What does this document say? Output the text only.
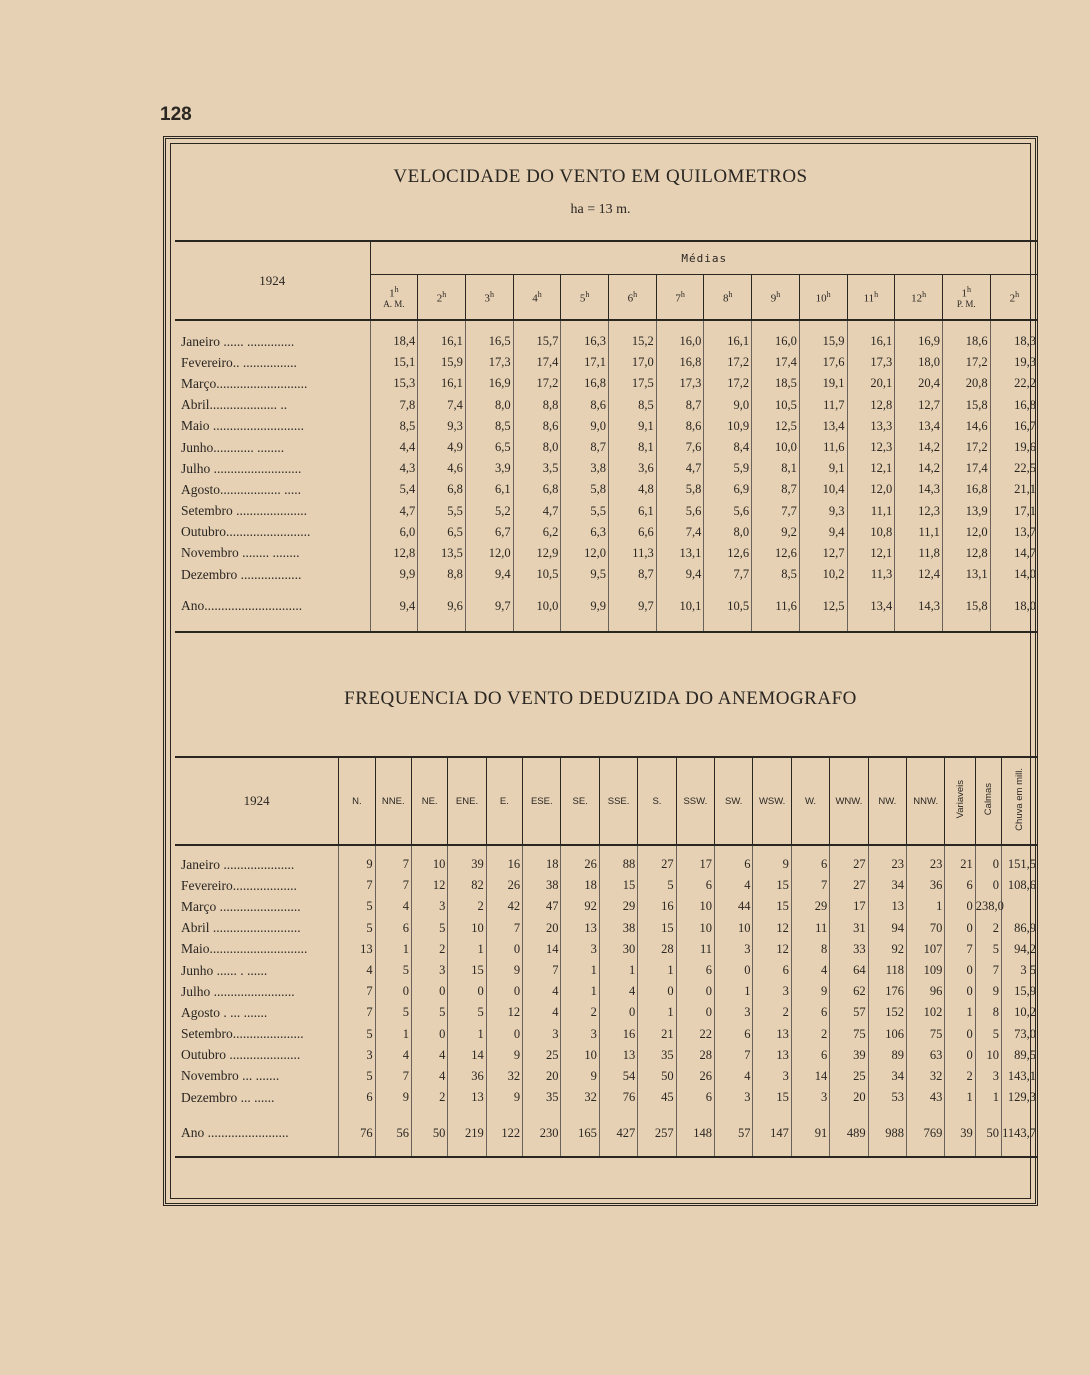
128
VELOCIDADE DO VENTO EM QUILOMETROS
ha = 13 m.
1924	Médias													
	1$^h$
A. M.	2$^h$	3$^h$	4$^h$	5$^h$	6$^h$	7$^h$	8$^h$	9$^h$	10$^h$	11$^h$	12$^h$	1$^h$
P. M.	2$^h$
Janeiro ...... ..............	18,4	16,1	16,5	15,7	16,3	15,2	16,0	16,1	16,0	15,9	16,1	16,9	18,6	18,3
Fevereiro.. ................	15,1	15,9	17,3	17,4	17,1	17,0	16,8	17,2	17,4	17,6	17,3	18,0	17,2	19,3
Março...........................	15,3	16,1	16,9	17,2	16,8	17,5	17,3	17,2	18,5	19,1	20,1	20,4	20,8	22,2
Abril.................... ..	7,8	7,4	8,0	8,8	8,6	8,5	8,7	9,0	10,5	11,7	12,8	12,7	15,8	16,8
Maio ...........................	8,5	9,3	8,5	8,6	9,0	9,1	8,6	10,9	12,5	13,4	13,3	13,4	14,6	16,7
Junho............ ........	4,4	4,9	6,5	8,0	8,7	8,1	7,6	8,4	10,0	11,6	12,3	14,2	17,2	19,6
Julho ..........................	4,3	4,6	3,9	3,5	3,8	3,6	4,7	5,9	8,1	9,1	12,1	14,2	17,4	22,5
Agosto.................. .....	5,4	6,8	6,1	6,8	5,8	4,8	5,8	6,9	8,7	10,4	12,0	14,3	16,8	21,1
Setembro .....................	4,7	5,5	5,2	4,7	5,5	6,1	5,6	5,6	7,7	9,3	11,1	12,3	13,9	17,1
Outubro.........................	6,0	6,5	6,7	6,2	6,3	6,6	7,4	8,0	9,2	9,4	10,8	11,1	12,0	13,7
Novembro ........ ........	12,8	13,5	12,0	12,9	12,0	11,3	13,1	12,6	12,6	12,7	12,1	11,8	12,8	14,7
Dezembro ..................	9,9	8,8	9,4	10,5	9,5	8,7	9,4	7,7	8,5	10,2	11,3	12,4	13,1	14,0

Ano.............................	9,4	9,6	9,7	10,0	9,9	9,7	10,1	10,5	11,6	12,5	13,4	14,3	15,8	18,0

FREQUENCIA DO VENTO DEDUZIDA DO ANEMOGRAFO
1924	N.	NNE.	NE.	ENE.	E.	ESE.	SE.	SSE.	S.	SSW.	SW.	WSW.	W.	WNW.	NW.	NNW.	Variaveis	Calmas	Chuva em mill.
Janeiro .....................	9	7	10	39	16	18	26	88	27	17	6	9	6	27	23	23	21	0	151,5
Fevereiro...................	7	7	12	82	26	38	18	15	5	6	4	15	7	27	34	36	6	0	108,6
Março ........................	5	4	3	2	42	47	92	29	16	10	44	15	29	17	13	1	0	238,0	
Abril ..........................	5	6	5	10	7	20	13	38	15	10	10	12	11	31	94	70	0	2	86,9
Maio.............................	13	1	2	1	0	14	3	30	28	11	3	12	8	33	92	107	7	5	94,2
Junho ...... . ......	4	5	3	15	9	7	1	1	1	6	0	6	4	64	118	109	0	7	3 5
Julho ........................	7	0	0	0	0	4	1	4	0	0	1	3	9	62	176	96	0	9	15,9
Agosto . ... .......	7	5	5	5	12	4	2	0	1	0	3	2	6	57	152	102	1	8	10,2
Setembro.....................	5	1	0	1	0	3	3	16	21	22	6	13	2	75	106	75	0	5	73,0
Outubro .....................	3	4	4	14	9	25	10	13	35	28	7	13	6	39	89	63	0	10	89,5
Novembro ... .......	5	7	4	36	32	20	9	54	50	26	4	3	14	25	34	32	2	3	143,1
Dezembro ... ......	6	9	2	13	9	35	32	76	45	6	3	15	3	20	53	43	1	1	129,3

Ano ........................	76	56	50	219	122	230	165	427	257	148	57	147	91	489	988	769	39	50	1143,7
